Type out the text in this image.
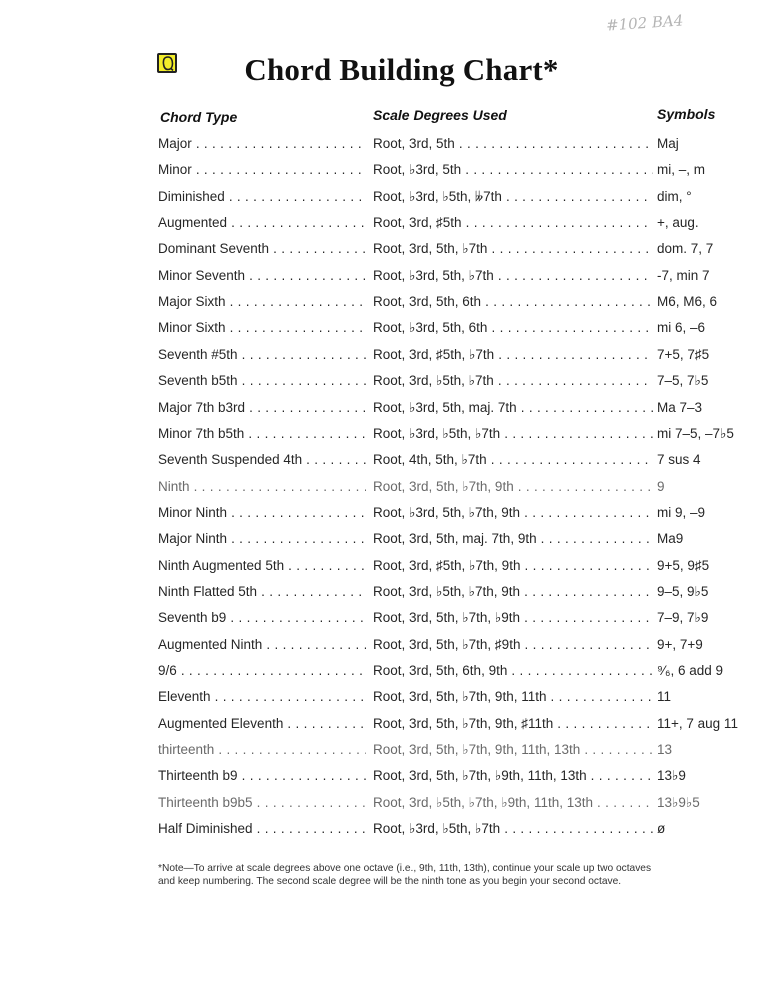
#102 BA4
Chord Building Chart*
Chord Type	Scale Degrees Used	Symbols
Major . . .	Root, 3rd, 5th . . .	Maj
Minor . . .	Root, ♭3rd, 5th . . .	mi, –, m
Diminished . . .	Root, ♭3rd, ♭5th, 𝄫7th . . .	dim, °
Augmented . . .	Root, 3rd, ♯5th . . .	+, aug.
Dominant Seventh . . .	Root, 3rd, 5th, ♭7th . . .	dom. 7, 7
Minor Seventh . . .	Root, ♭3rd, 5th, ♭7th . . .	-7, min 7
Major Sixth . . .	Root, 3rd, 5th, 6th . . .	M6, M6, 6
Minor Sixth . . .	Root, ♭3rd, 5th, 6th . . .	mi 6, –6
Seventh #5th . . .	Root, 3rd, ♯5th, ♭7th . . .	7+5, 7♯5
Seventh b5th . . .	Root, 3rd, ♭5th, ♭7th . . .	7–5, 7♭5
Major 7th b3rd . . .	Root, ♭3rd, 5th, maj. 7th . . .	Ma 7–3
Minor 7th b5th . . .	Root, ♭3rd, ♭5th, ♭7th . . .	mi 7–5, –7♭5
Seventh Suspended 4th . . .	Root, 4th, 5th, ♭7th . . .	7 sus 4
Ninth . . .	Root, 3rd, 5th, ♭7th, 9th . . .	9
Minor Ninth . . .	Root, ♭3rd, 5th, ♭7th, 9th . . .	mi 9, –9
Major Ninth . . .	Root, 3rd, 5th, maj. 7th, 9th . . .	Ma9
Ninth Augmented 5th . . .	Root, 3rd, ♯5th, ♭7th, 9th . . .	9+5, 9♯5
Ninth Flatted 5th . . .	Root, 3rd, ♭5th, ♭7th, 9th . . .	9–5, 9♭5
Seventh b9 . . .	Root, 3rd, 5th, ♭7th, ♭9th . . .	7–9, 7♭9
Augmented Ninth . . .	Root, 3rd, 5th, ♭7th, ♯9th . . .	9+, 7+9
9/6 . . .	Root, 3rd, 5th, 6th, 9th . . .	⁹⁄₆, 6 add 9
Eleventh . . .	Root, 3rd, 5th, ♭7th, 9th, 11th . . .	11
Augmented Eleventh . . .	Root, 3rd, 5th, ♭7th, 9th, ♯11th . . .	11+, 7 aug 11
thirteenth . . .	Root, 3rd, 5th, ♭7th, 9th, 11th, 13th . . .	13
Thirteenth b9 . . .	Root, 3rd, 5th, ♭7th, ♭9th, 11th, 13th . . .	13♭9
Thirteenth b9b5 . . .	Root, 3rd, ♭5th, ♭7th, ♭9th, 11th, 13th . . .	13♭9♭5
Half Diminished . . .	Root, ♭3rd, ♭5th, ♭7th . . .	ø
*Note—To arrive at scale degrees above one octave (i.e., 9th, 11th, 13th), continue your scale up two octaves
and keep numbering. The second scale degree will be the ninth tone as you begin your second octave.
